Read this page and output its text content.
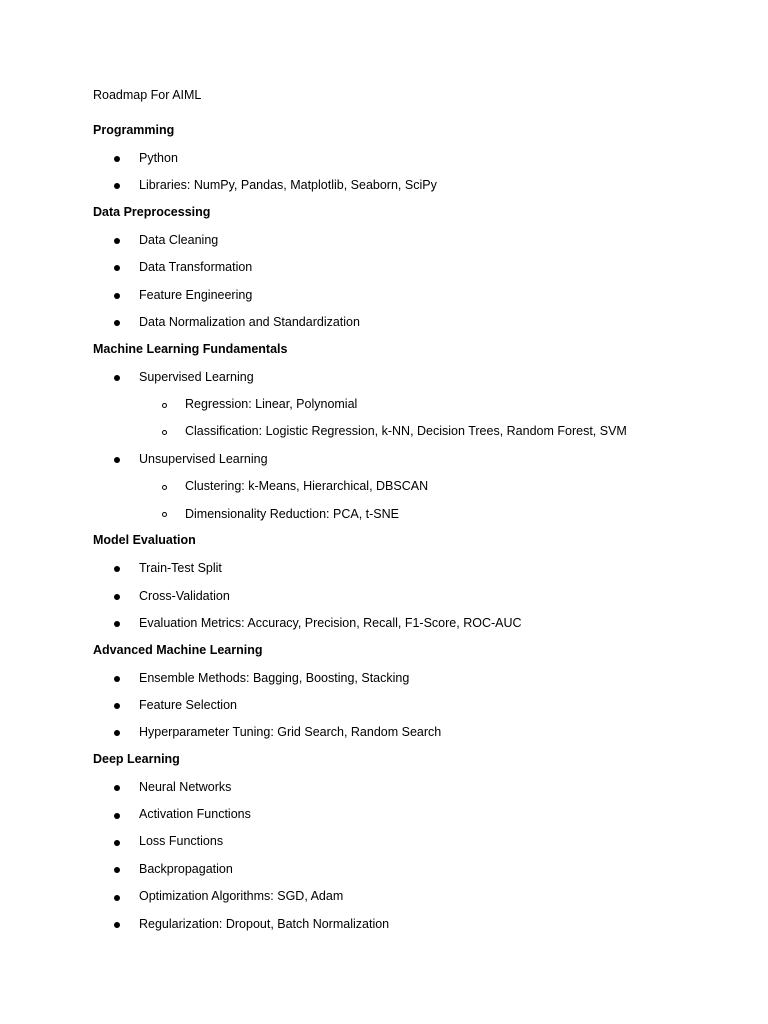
Roadmap For AIML
Programming
Python
Libraries: NumPy, Pandas, Matplotlib, Seaborn, SciPy
Data Preprocessing
Data Cleaning
Data Transformation
Feature Engineering
Data Normalization and Standardization
Machine Learning Fundamentals
Supervised Learning
Regression: Linear, Polynomial
Classification: Logistic Regression, k-NN, Decision Trees, Random Forest, SVM
Unsupervised Learning
Clustering: k-Means, Hierarchical, DBSCAN
Dimensionality Reduction: PCA, t-SNE
Model Evaluation
Train-Test Split
Cross-Validation
Evaluation Metrics: Accuracy, Precision, Recall, F1-Score, ROC-AUC
Advanced Machine Learning
Ensemble Methods: Bagging, Boosting, Stacking
Feature Selection
Hyperparameter Tuning: Grid Search, Random Search
Deep Learning
Neural Networks
Activation Functions
Loss Functions
Backpropagation
Optimization Algorithms: SGD, Adam
Regularization: Dropout, Batch Normalization
